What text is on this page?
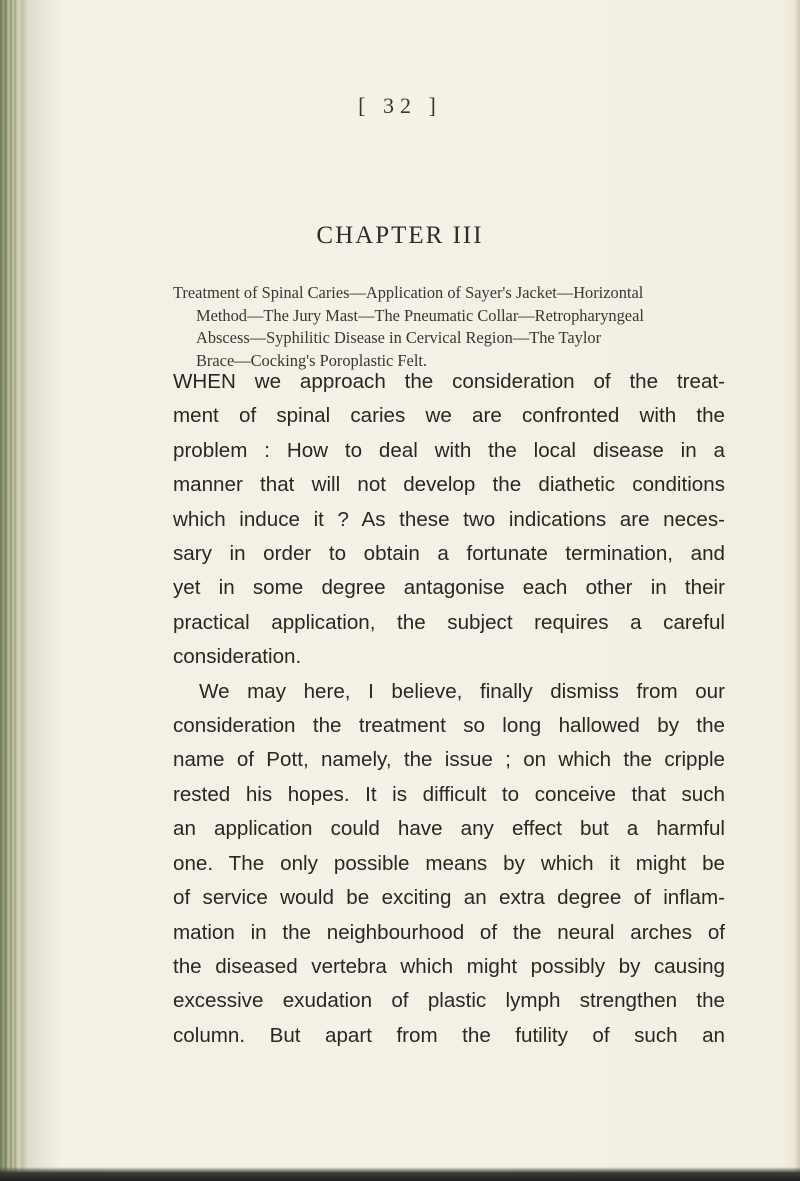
[ 32 ]
CHAPTER III
Treatment of Spinal Caries—Application of Sayer's Jacket—Horizontal
Method—The Jury Mast—The Pneumatic Collar—Retropharyngeal
Abscess—Syphilitic Disease in Cervical Region—The Taylor
Brace—Cocking's Poroplastic Felt.
WHEN we approach the consideration of the treat-
ment of spinal caries we are confronted with the
problem : How to deal with the local disease in a
manner that will not develop the diathetic conditions
which induce it ? As these two indications are neces-
sary in order to obtain a fortunate termination, and
yet in some degree antagonise each other in their
practical application, the subject requires a careful
consideration.
We may here, I believe, finally dismiss from our
consideration the treatment so long hallowed by the
name of Pott, namely, the issue ; on which the cripple
rested his hopes. It is difficult to conceive that such
an application could have any effect but a harmful
one. The only possible means by which it might be
of service would be exciting an extra degree of inflam-
mation in the neighbourhood of the neural arches of
the diseased vertebra which might possibly by causing
excessive exudation of plastic lymph strengthen the
column. But apart from the futility of such an
